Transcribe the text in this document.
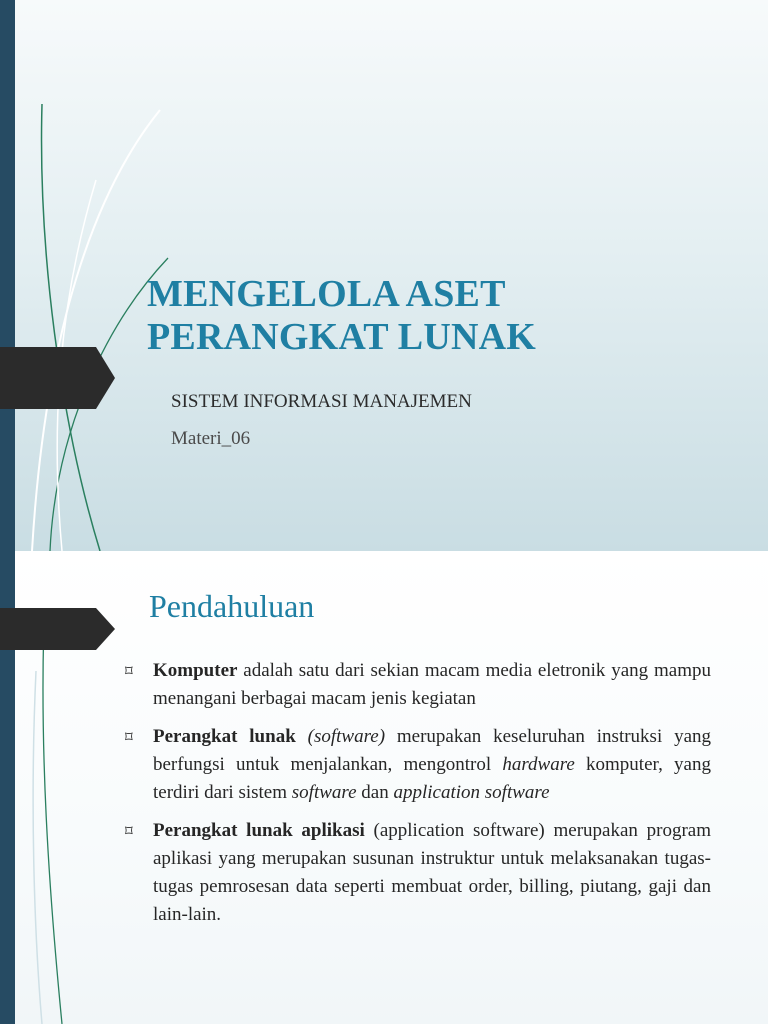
MENGELOLA ASET
PERANGKAT LUNAK

SISTEM INFORMASI MANAJEMEN

Materi_06

Pendahuluan
⌑ Komputer adalah satu dari sekian macam media eletronik yang mampu menangani berbagai macam jenis kegiatan
⌑ Perangkat lunak (software) merupakan keseluruhan instruksi yang berfungsi untuk menjalankan, mengontrol hardware komputer, yang terdiri dari sistem software dan application software
⌑ Perangkat lunak aplikasi (application software) merupakan program aplikasi yang merupakan susunan instruktur untuk melaksanakan tugas-tugas pemrosesan data seperti membuat order, billing, piutang, gaji dan lain-lain.
